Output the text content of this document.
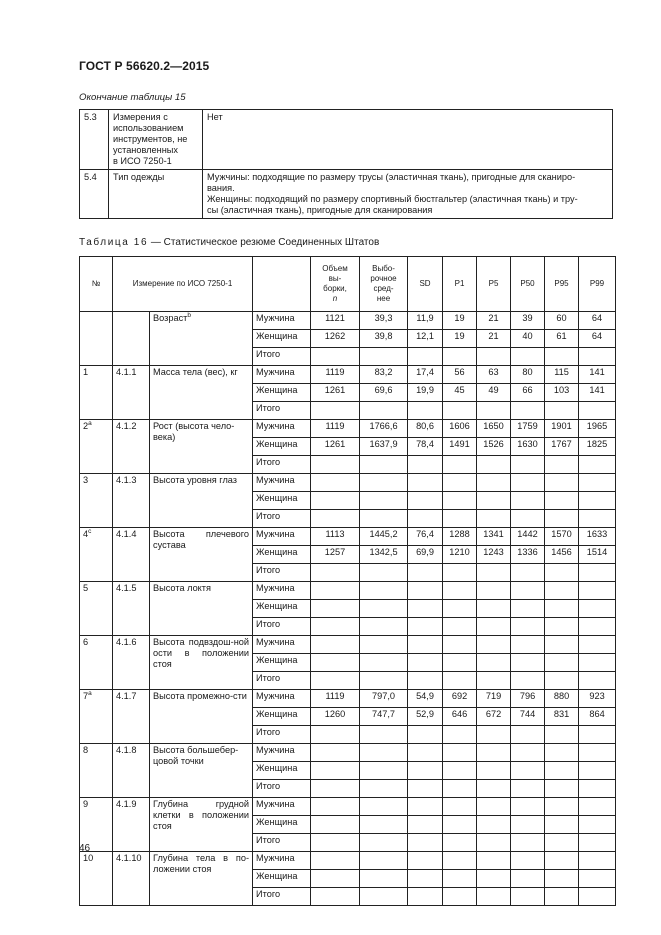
ГОСТ Р 56620.2—2015
Окончание таблицы 15
5.3	Измерения с
использованием
инструментов, не
установленных
в ИСО 7250-1	Нет

5.4	Тип одежды	Мужчины: подходящие по размеру трусы (эластичная ткань), пригодные для сканиро-
вания.
Женщины: подходящий по размеру спортивный бюстгальтер (эластичная ткань) и тру-
сы (эластичная ткань), пригодные для сканирования
Таблица 16 — Статистическое резюме Соединенных Штатов
№	Измерение по ИСО 7250-1			Объем
вы-
борки,
n	Выбо-
рочное
сред-
нее	SD	P1	P5	P50	P95	P99
		Возраст$^b$	Мужчина	1121	39,3	11,9	19	21	39	60	64
			Женщина	1262	39,8	12,1	19	21	40	61	64
			Итого								
1	4.1.1	Масса тела (вес), кг	Мужчина	1119	83,2	17,4	56	63	80	115	141
			Женщина	1261	69,6	19,9	45	49	66	103	141
			Итого								
2$^a$	4.1.2	Рост (высота чело-века)	Мужчина	1119	1766,6	80,6	1606	1650	1759	1901	1965
			Женщина	1261	1637,9	78,4	1491	1526	1630	1767	1825
			Итого								
3	4.1.3	Высота уровня глаз	Мужчина								
			Женщина								
			Итого								
4$^c$	4.1.4	Высота плечевого сустава	Мужчина	1113	1445,2	76,4	1288	1341	1442	1570	1633
			Женщина	1257	1342,5	69,9	1210	1243	1336	1456	1514
			Итого								
5	4.1.5	Высота локтя	Мужчина								
			Женщина								
			Итого								
6	4.1.6	Высота подвздош-ной ости в положении стоя	Мужчина								
			Женщина								
			Итого								
7$^a$	4.1.7	Высота промежно-сти	Мужчина	1119	797,0	54,9	692	719	796	880	923
			Женщина	1260	747,7	52,9	646	672	744	831	864
			Итого								
8	4.1.8	Высота большебер-цовой точки	Мужчина								
			Женщина								
			Итого								
9	4.1.9	Глубина грудной клетки в положении стоя	Мужчина								
			Женщина								
			Итого								
10	4.1.10	Глубина тела в по-ложении стоя	Мужчина								
			Женщина								
			Итого								
46
